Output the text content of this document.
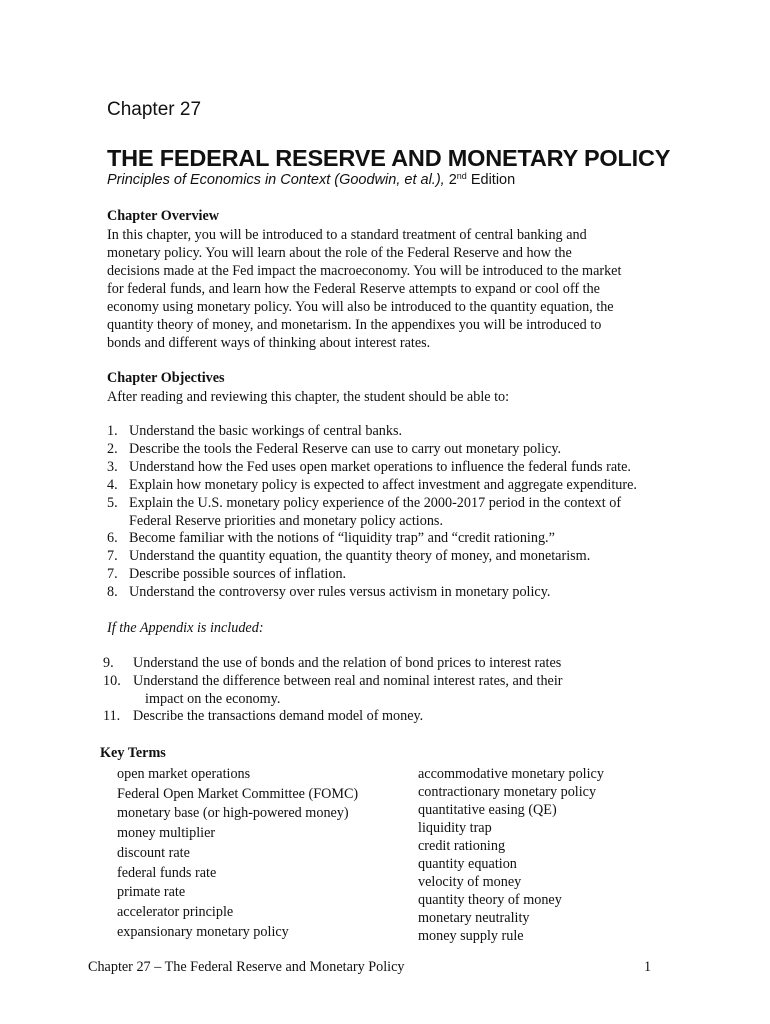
Chapter 27
THE FEDERAL RESERVE AND MONETARY POLICY
Principles of Economics in Context (Goodwin, et al.), 2nd Edition
Chapter Overview
In this chapter, you will be introduced to a standard treatment of central banking and
monetary policy. You will learn about the role of the Federal Reserve and how the
decisions made at the Fed impact the macroeconomy. You will be introduced to the market
for federal funds, and learn how the Federal Reserve attempts to expand or cool off the
economy using monetary policy. You will also be introduced to the quantity equation, the
quantity theory of money, and monetarism. In the appendixes you will be introduced to
bonds and different ways of thinking about interest rates.
Chapter Objectives
After reading and reviewing this chapter, the student should be able to:
1. Understand the basic workings of central banks.
2. Describe the tools the Federal Reserve can use to carry out monetary policy.
3. Understand how the Fed uses open market operations to influence the federal funds rate.
4. Explain how monetary policy is expected to affect investment and aggregate expenditure.
5. Explain the U.S. monetary policy experience of the 2000-2017 period in the context of
Federal Reserve priorities and monetary policy actions.
6. Become familiar with the notions of “liquidity trap” and “credit rationing.”
7. Understand the quantity equation, the quantity theory of money, and monetarism.
7. Describe possible sources of inflation.
8. Understand the controversy over rules versus activism in monetary policy.
If the Appendix is included:
9. Understand the use of bonds and the relation of bond prices to interest rates
10. Understand the difference between real and nominal interest rates, and their
impact on the economy.
11. Describe the transactions demand model of money.
Key Terms
open market operations
Federal Open Market Committee (FOMC)
monetary base (or high-powered money)
money multiplier
discount rate
federal funds rate
primate rate
accelerator principle
expansionary monetary policy
accommodative monetary policy
contractionary monetary policy
quantitative easing (QE)
liquidity trap
credit rationing
quantity equation
velocity of money
quantity theory of money
monetary neutrality
money supply rule
Chapter 27 – The Federal Reserve and Monetary Policy	1
